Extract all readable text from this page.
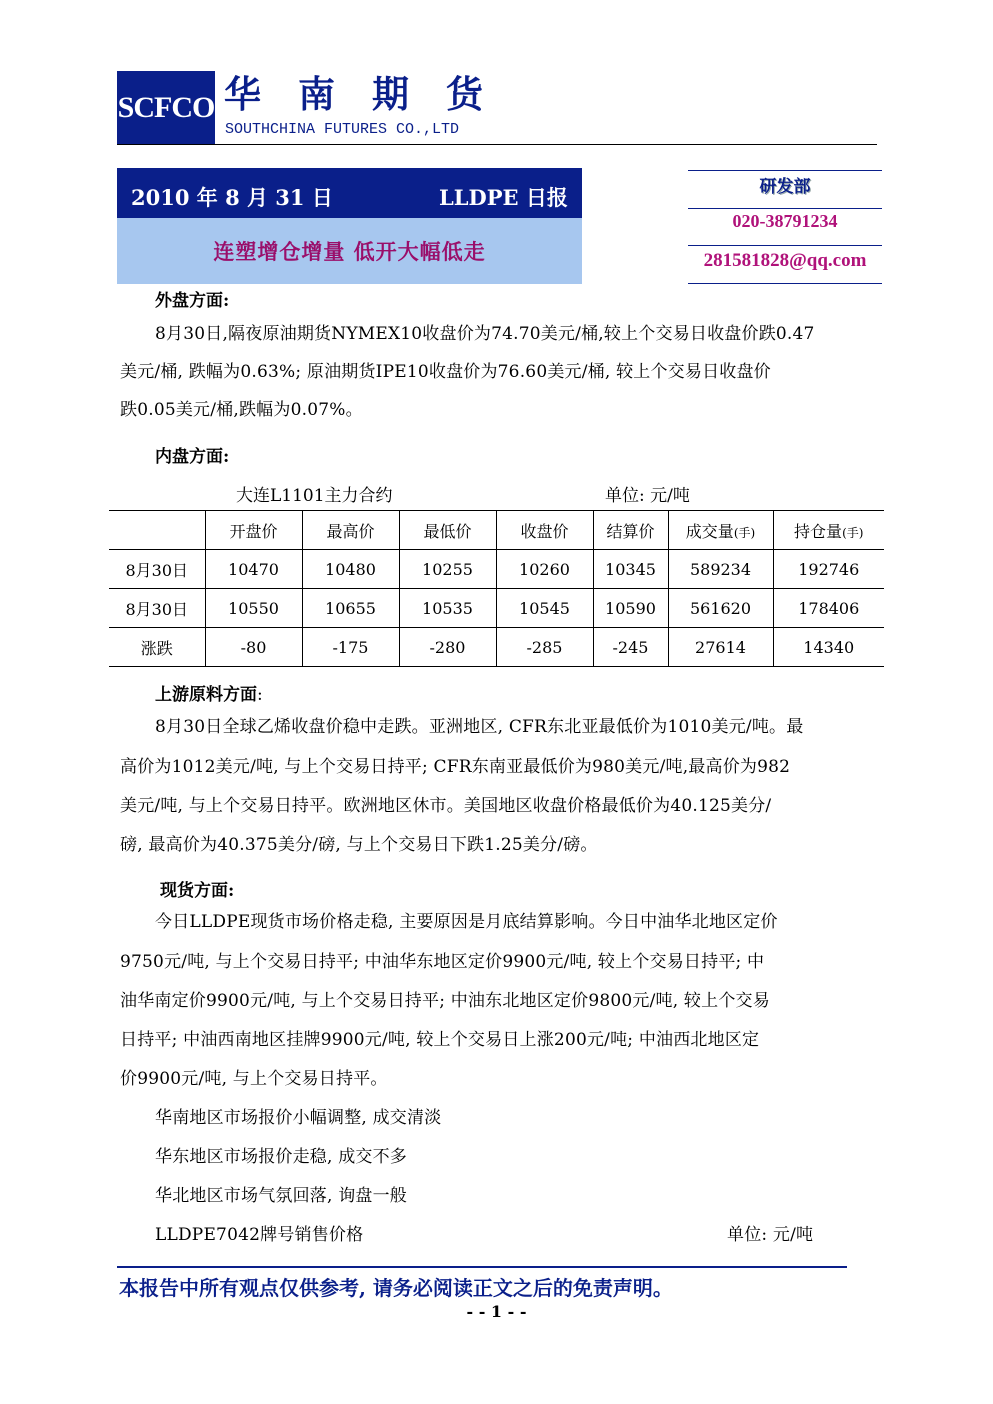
SCFCO 华南期货
SOUTHCHINA FUTURES CO.,LTD
2010 年 8 月 31 日	LLDPE 日报
连塑增仓增量 低开大幅低走
研发部
020-38791234
281581828@qq.com
外盘方面:
8月30日,隔夜原油期货NYMEX10收盘价为74.70美元/桶,较上个交易日收盘价跌0.47
美元/桶, 跌幅为0.63%; 原油期货IPE10收盘价为76.60美元/桶, 较上个交易日收盘价
跌0.05美元/桶,跌幅为0.07%。
内盘方面:
大连L1101主力合约	单位: 元/吨
	开盘价	最高价	最低价	收盘价	结算价	成交量(手)	持仓量(手)
8月30日	10470	10480	10255	10260	10345	589234	192746
8月30日	10550	10655	10535	10545	10590	561620	178406
涨跌	-80	-175	-280	-285	-245	27614	14340
上游原料方面:
8月30日全球乙烯收盘价稳中走跌。亚洲地区, CFR东北亚最低价为1010美元/吨。最
高价为1012美元/吨, 与上个交易日持平; CFR东南亚最低价为980美元/吨,最高价为982
美元/吨, 与上个交易日持平。欧洲地区休市。美国地区收盘价格最低价为40.125美分/
磅, 最高价为40.375美分/磅, 与上个交易日下跌1.25美分/磅。
现货方面:
今日LLDPE现货市场价格走稳, 主要原因是月底结算影响。今日中油华北地区定价
9750元/吨, 与上个交易日持平; 中油华东地区定价9900元/吨, 较上个交易日持平; 中
油华南定价9900元/吨, 与上个交易日持平; 中油东北地区定价9800元/吨, 较上个交易
日持平; 中油西南地区挂牌9900元/吨, 较上个交易日上涨200元/吨; 中油西北地区定
价9900元/吨, 与上个交易日持平。
华南地区市场报价小幅调整, 成交清淡
华东地区市场报价走稳, 成交不多
华北地区市场气氛回落, 询盘一般
LLDPE7042牌号销售价格	单位: 元/吨
本报告中所有观点仅供参考, 请务必阅读正文之后的免责声明。
- - 1 - -
